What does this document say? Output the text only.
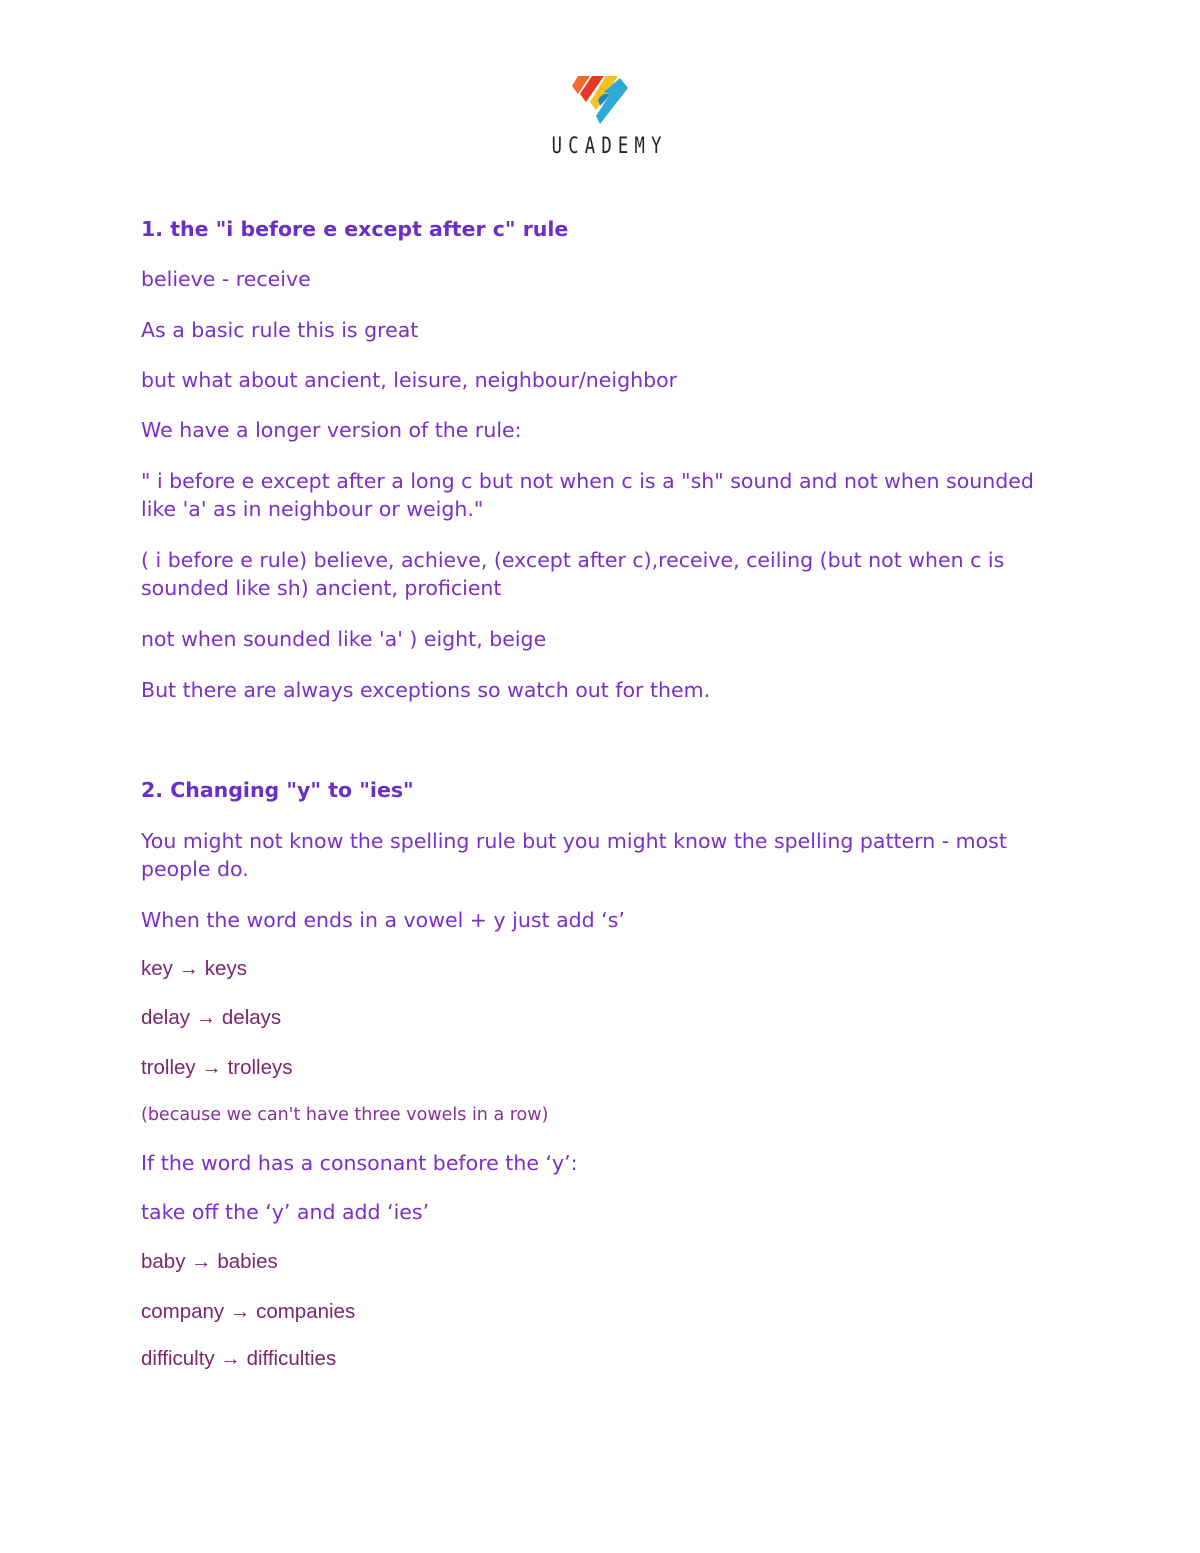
UCADEMY
1. the "i before e except after c" rule
believe - receive
As a basic rule this is great
but what about ancient, leisure, neighbour/neighbor
We have a longer version of the rule:
" i before e except after a long c but not when c is a "sh" sound and not when sounded
like 'a' as in neighbour or weigh."
( i before e rule) believe, achieve, (except after c),receive, ceiling (but not when c is
sounded like sh) ancient, proficient
not when sounded like 'a' ) eight, beige
But there are always exceptions so watch out for them.
2. Changing "y" to "ies"
You might not know the spelling rule but you might know the spelling pattern - most
people do.
When the word ends in a vowel + y just add ‘s’
key → keys
delay → delays
trolley → trolleys
(because we can't have three vowels in a row)
If the word has a consonant before the ‘y’:
take off the ‘y’ and add ‘ies’
baby → babies
company → companies
difficulty → difficulties
